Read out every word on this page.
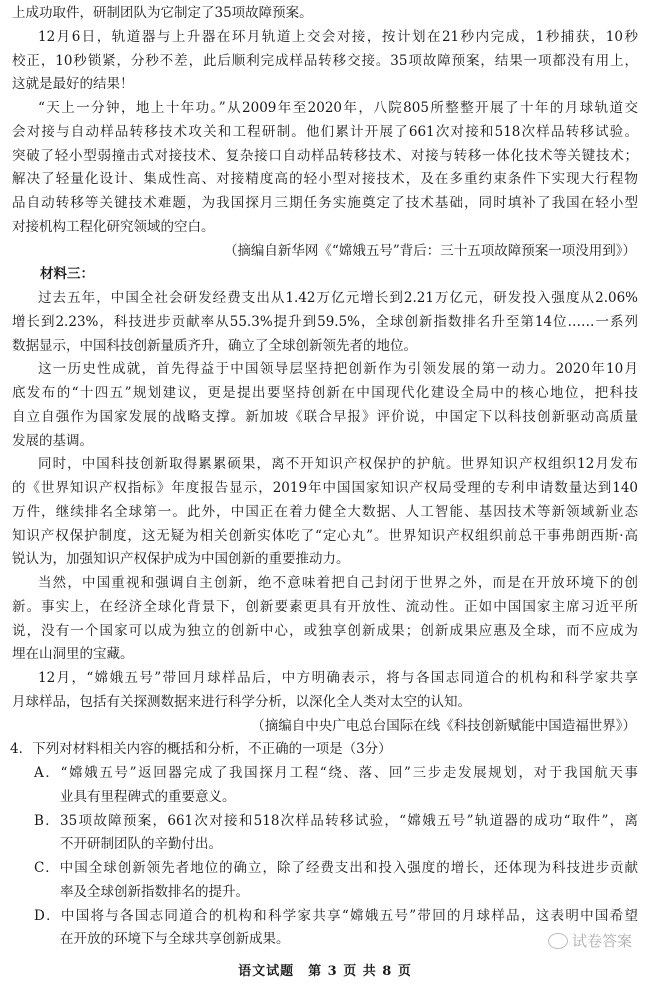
上成功取件，研制团队为它制定了35项故障预案。
12月6日，轨道器与上升器在环月轨道上交会对接，按计划在21秒内完成，1秒捕获，10秒
校正，10秒锁紧，分秒不差，此后顺利完成样品转移交接。35项故障预案，结果一项都没有用上，
这就是最好的结果！
“天上一分钟，地上十年功。”从2009年至2020年，八院805所整整开展了十年的月球轨道交
会对接与自动样品转移技术攻关和工程研制。他们累计开展了661次对接和518次样品转移试验。
突破了轻小型弱撞击式对接技术、复杂接口自动样品转移技术、对接与转移一体化技术等关键技术；
解决了轻量化设计、集成性高、对接精度高的轻小型对接技术，及在多重约束条件下实现大行程物
品自动转移等关键技术难题，为我国探月三期任务实施奠定了技术基础，同时填补了我国在轻小型
对接机构工程化研究领域的空白。
（摘编自新华网《“嫦娥五号”背后：三十五项故障预案一项没用到》）
材料三：
过去五年，中国全社会研发经费支出从1.42万亿元增长到2.21万亿元，研发投入强度从2.06%
增长到2.23%，科技进步贡献率从55.3%提升到59.5%，全球创新指数排名升至第14位……一系列
数据显示，中国科技创新量质齐升，确立了全球创新领先者的地位。
这一历史性成就，首先得益于中国领导层坚持把创新作为引领发展的第一动力。2020年10月
底发布的“十四五”规划建议，更是提出要坚持创新在中国现代化建设全局中的核心地位，把科技
自立自强作为国家发展的战略支撑。新加坡《联合早报》评价说，中国定下以科技创新驱动高质量
发展的基调。
同时，中国科技创新取得累累硕果，离不开知识产权保护的护航。世界知识产权组织12月发布
的《世界知识产权指标》年度报告显示，2019年中国国家知识产权局受理的专利申请数量达到140
万件，继续排名全球第一。此外，中国正在着力健全大数据、人工智能、基因技术等新领域新业态
知识产权保护制度，这无疑为相关创新实体吃了“定心丸”。世界知识产权组织前总干事弗朗西斯·高
锐认为，加强知识产权保护成为中国创新的重要推动力。
当然，中国重视和强调自主创新，绝不意味着把自己封闭于世界之外，而是在开放环境下的创
新。事实上，在经济全球化背景下，创新要素更具有开放性、流动性。正如中国国家主席习近平所
说，没有一个国家可以成为独立的创新中心，或独享创新成果；创新成果应惠及全球，而不应成为
埋在山洞里的宝藏。
12月，“嫦娥五号”带回月球样品后，中方明确表示，将与各国志同道合的机构和科学家共享
月球样品，包括有关探测数据来进行科学分析，以深化全人类对太空的认知。
（摘编自中央广电总台国际在线《科技创新赋能中国造福世界》）
4．下列对材料相关内容的概括和分析，不正确的一项是（3分）
A．“嫦娥五号”返回器完成了我国探月工程“绕、落、回”三步走发展规划，对于我国航天事
业具有里程碑式的重要意义。
B．35项故障预案，661次对接和518次样品转移试验，“嫦娥五号”轨道器的成功“取件”，离
不开研制团队的辛勤付出。
C．中国全球创新领先者地位的确立，除了经费支出和投入强度的增长，还体现为科技进步贡献
率及全球创新指数排名的提升。
D．中国将与各国志同道合的机构和科学家共享“嫦娥五号”带回的月球样品，这表明中国希望
在开放的环境下与全球共享创新成果。	试卷答案
语文试题　第 3 页 共 8 页
